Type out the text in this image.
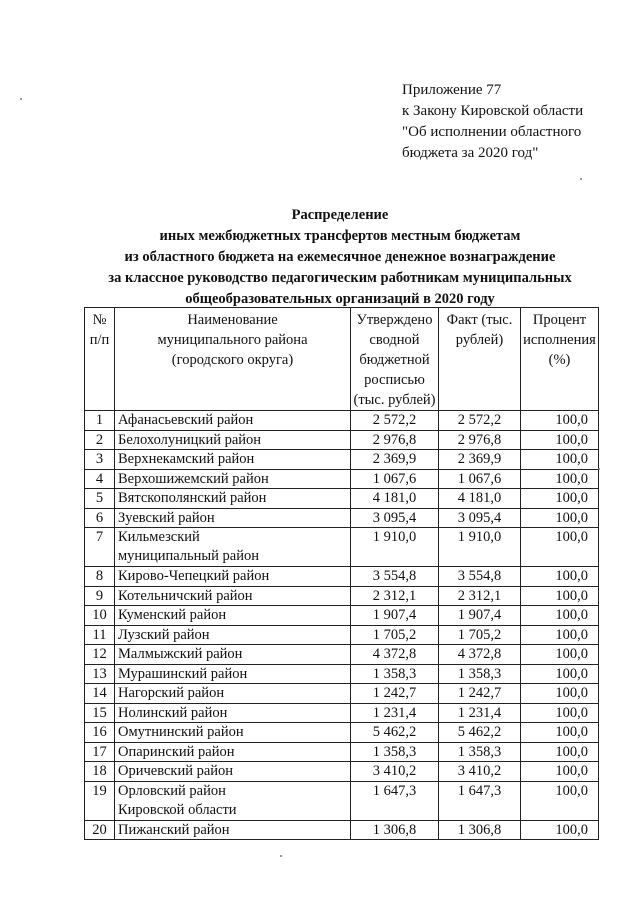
Приложение 77
к Закону Кировской области
"Об исполнении областного
бюджета за 2020 год"
Распределение
иных межбюджетных трансфертов местным бюджетам
из областного бюджета на ежемесячное денежное вознаграждение
за классное руководство педагогическим работникам муниципальных
общеобразовательных организаций в 2020 году
№ п/п	Наименование муниципального района (городского округа)	Утверждено сводной бюджетной росписью (тыс. рублей)	Факт (тыс. рублей)	Процент исполнения (%)

1	Афанасьевский район	2 572,2	2 572,2	100,0
2	Белохолуницкий район	2 976,8	2 976,8	100,0
3	Верхнекамский район	2 369,9	2 369,9	100,0
4	Верхошижемский район	1 067,6	1 067,6	100,0
5	Вятскополянский район	4 181,0	4 181,0	100,0
6	Зуевский район	3 095,4	3 095,4	100,0
7	Кильмезский
муниципальный район	1 910,0	1 910,0	100,0
8	Кирово-Чепецкий район	3 554,8	3 554,8	100,0
9	Котельничский район	2 312,1	2 312,1	100,0
10	Куменский район	1 907,4	1 907,4	100,0
11	Лузский район	1 705,2	1 705,2	100,0
12	Малмыжский район	4 372,8	4 372,8	100,0
13	Мурашинский район	1 358,3	1 358,3	100,0
14	Нагорский район	1 242,7	1 242,7	100,0
15	Нолинский район	1 231,4	1 231,4	100,0
16	Омутнинский район	5 462,2	5 462,2	100,0
17	Опаринский район	1 358,3	1 358,3	100,0
18	Оричевский район	3 410,2	3 410,2	100,0
19	Орловский район
Кировской области	1 647,3	1 647,3	100,0
20	Пижанский район	1 306,8	1 306,8	100,0
